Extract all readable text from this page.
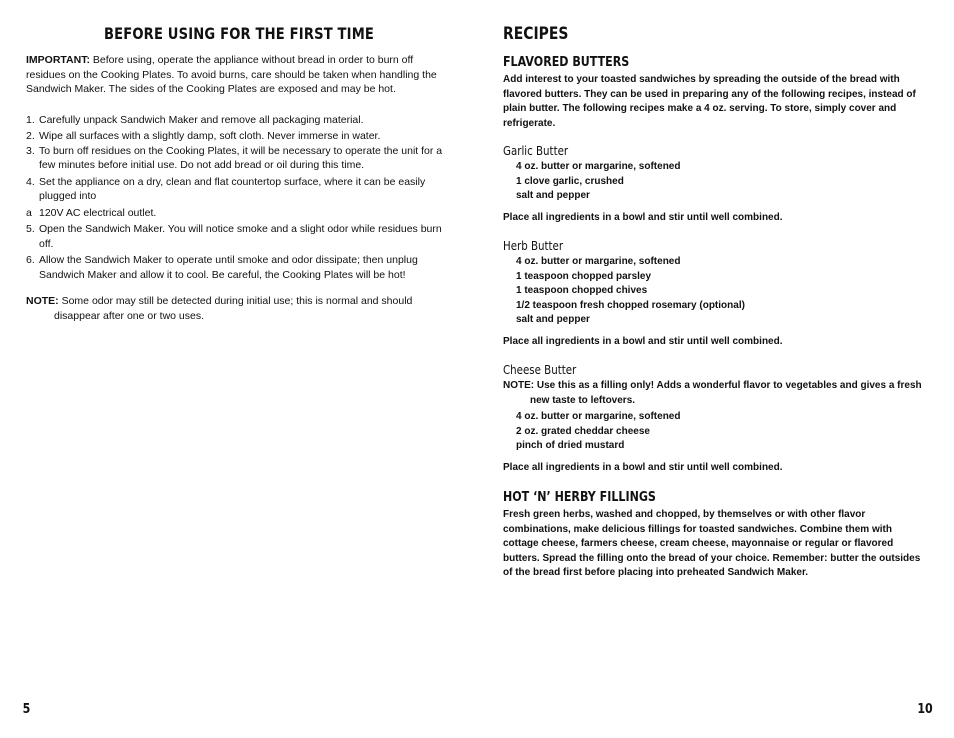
BEFORE USING FOR THE FIRST TIME

IMPORTANT: Before using, operate the appliance without bread in order to burn off residues on the Cooking Plates. To avoid burns, care should be taken when handling the Sandwich Maker. The sides of the Cooking Plates are exposed and may be hot.

1. Carefully unpack Sandwich Maker and remove all packaging material.
2. Wipe all surfaces with a slightly damp, soft cloth. Never immerse in water.
3. To burn off residues on the Cooking Plates, it will be necessary to operate the unit for a few minutes before initial use. Do not add bread or oil during this time.
4. Set the appliance on a dry, clean and flat countertop surface, where it can be easily plugged into
a 120V AC electrical outlet.
5. Open the Sandwich Maker. You will notice smoke and a slight odor while residues burn off.
6. Allow the Sandwich Maker to operate until smoke and odor dissipate; then unplug Sandwich Maker and allow it to cool. Be careful, the Cooking Plates will be hot!

NOTE: Some odor may still be detected during initial use; this is normal and should disappear after one or two uses.

RECIPES
FLAVORED BUTTERS

Add interest to your toasted sandwiches by spreading the outside of the bread with flavored butters. They can be used in preparing any of the following recipes, instead of plain butter. The following recipes make a 4 oz. serving. To store, simply cover and refrigerate.

Garlic Butter
4 oz. butter or margarine, softened
1 clove garlic, crushed
salt and pepper

Place all ingredients in a bowl and stir until well combined.

Herb Butter
4 oz. butter or margarine, softened
1 teaspoon chopped parsley
1 teaspoon chopped chives
1/2 teaspoon fresh chopped rosemary (optional)
salt and pepper

Place all ingredients in a bowl and stir until well combined.

Cheese Butter

NOTE: Use this as a filling only! Adds a wonderful flavor to vegetables and gives a fresh new taste to leftovers.

4 oz. butter or margarine, softened
2 oz. grated cheddar cheese
pinch of dried mustard

Place all ingredients in a bowl and stir until well combined.

HOT ‘N’ HERBY FILLINGS

Fresh green herbs, washed and chopped, by themselves or with other flavor combinations, make delicious fillings for toasted sandwiches. Combine them with cottage cheese, farmers cheese, cream cheese, mayonnaise or regular or flavored butters. Spread the filling onto the bread of your choice. Remember: butter the outsides of the bread first before placing into preheated Sandwich Maker.

5	10
